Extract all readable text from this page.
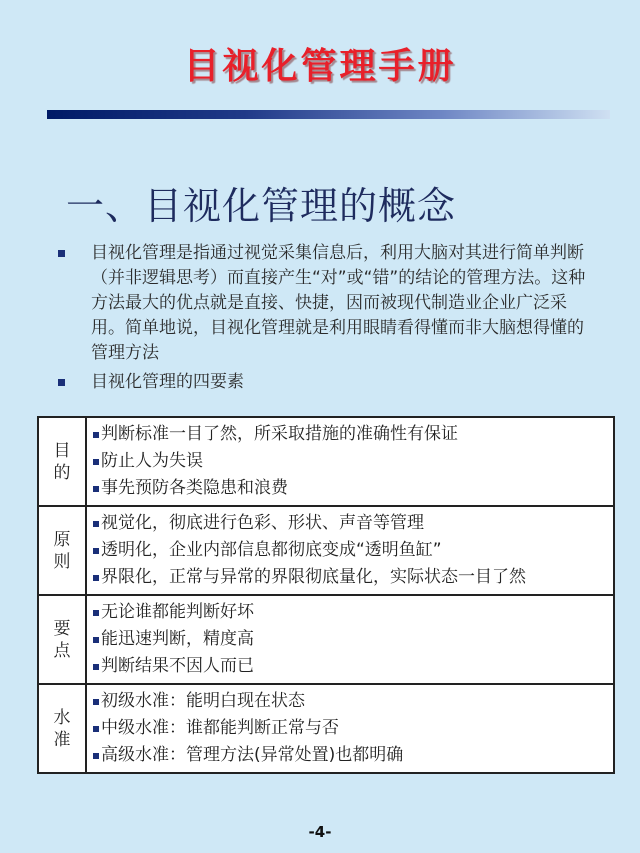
目视化管理手册
一、目视化管理的概念
目视化管理是指通过视觉采集信息后，利用大脑对其进行简单判断（并非逻辑思考）而直接产生“对”或“错”的结论的管理方法。这种方法最大的优点就是直接、快捷，因而被现代制造业企业广泛采用。简单地说，目视化管理就是利用眼睛看得懂而非大脑想得懂的管理方法
目视化管理的四要素
目的	判断标准一目了然，所采取措施的准确性有保证
防止人为失误
事先预防各类隐患和浪费

原则	视觉化，彻底进行色彩、形状、声音等管理
透明化，企业内部信息都彻底变成“透明鱼缸”
界限化，正常与异常的界限彻底量化，实际状态一目了然

要点	无论谁都能判断好坏
能迅速判断，精度高
判断结果不因人而已

水准	初级水准：能明白现在状态
中级水准：谁都能判断正常与否
高级水准：管理方法(异常处置)也都明确
-4-
